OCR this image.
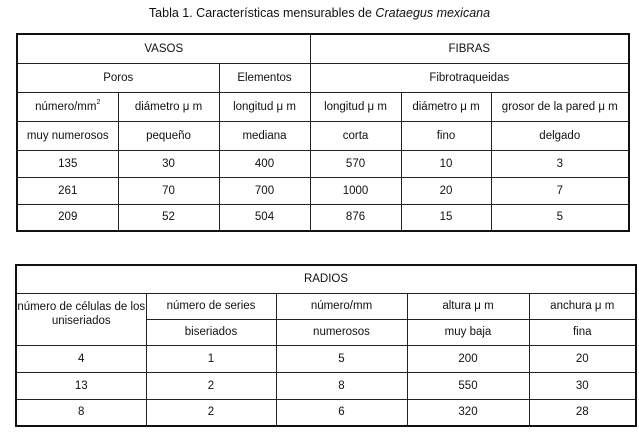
Tabla 1. Características mensurables de Crataegus mexicana
VASOS			FIBRAS		
Poros		Elementos	Fibrotraqueidas		
número/$mm^2$	diámetro μ m	longitud μ m	longitud μ m	diámetro μ m	grosor de la pared μ m
muy numerosos	pequeño	mediana	corta	fino	delgado
135	30	400	570	10	3
261	70	700	1000	20	7
209	52	504	876	15	5
RADIOS				
número de células de los uniseriados	número de series	número/mm	altura μ m	anchura μ m
	biseriados	numerosos	muy baja	fina
4	1	5	200	20
13	2	8	550	30
8	2	6	320	28
